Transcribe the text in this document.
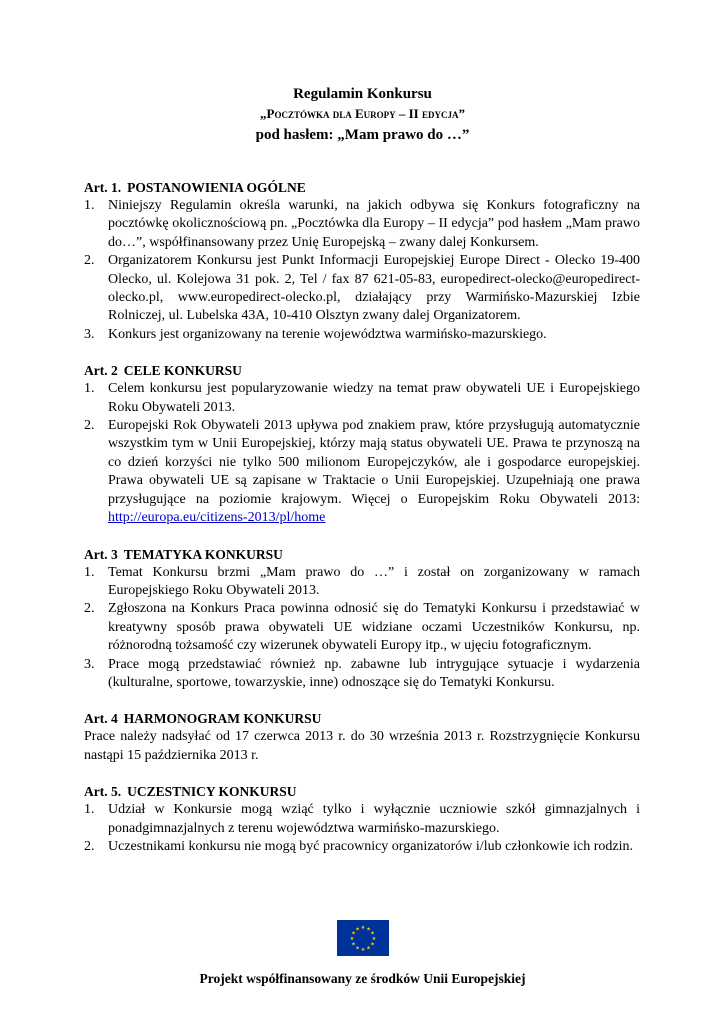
Regulamin Konkursu
„Pocztówka dla Europy – II edycja”
pod hasłem: „Mam prawo do …”
Art. 1. POSTANOWIENIA OGÓLNE
1. Niniejszy Regulamin określa warunki, na jakich odbywa się Konkurs fotograficzny na pocztówkę okolicznościową pn. „Pocztówka dla Europy – II edycja” pod hasłem „Mam prawo do…”, współfinansowany przez Unię Europejską – zwany dalej Konkursem.
2. Organizatorem Konkursu jest Punkt Informacji Europejskiej Europe Direct - Olecko 19-400 Olecko, ul. Kolejowa 31 pok. 2, Tel / fax 87 621-05-83, europedirect-olecko@europedirect-olecko.pl, www.europedirect-olecko.pl, działający przy Warmińsko-Mazurskiej Izbie Rolniczej, ul. Lubelska 43A, 10-410 Olsztyn zwany dalej Organizatorem.
3. Konkurs jest organizowany na terenie województwa warmińsko-mazurskiego.
Art. 2 CELE KONKURSU
1. Celem konkursu jest popularyzowanie wiedzy na temat praw obywateli UE i Europejskiego Roku Obywateli 2013.
2. Europejski Rok Obywateli 2013 upływa pod znakiem praw, które przysługują automatycznie wszystkim tym w Unii Europejskiej, którzy mają status obywateli UE. Prawa te przynoszą na co dzień korzyści nie tylko 500 milionom Europejczyków, ale i gospodarce europejskiej. Prawa obywateli UE są zapisane w Traktacie o Unii Europejskiej. Uzupełniają one prawa przysługujące na poziomie krajowym. Więcej o Europejskim Roku Obywateli 2013: http://europa.eu/citizens-2013/pl/home
Art. 3 TEMATYKA KONKURSU
1. Temat Konkursu brzmi „Mam prawo do …” i został on zorganizowany w ramach Europejskiego Roku Obywateli 2013.
2. Zgłoszona na Konkurs Praca powinna odnosić się do Tematyki Konkursu i przedstawiać w kreatywny sposób prawa obywateli UE widziane oczami Uczestników Konkursu, np. różnorodną tożsamość czy wizerunek obywateli Europy itp., w ujęciu fotograficznym.
3. Prace mogą przedstawiać również np. zabawne lub intrygujące sytuacje i wydarzenia (kulturalne, sportowe, towarzyskie, inne) odnoszące się do Tematyki Konkursu.
Art. 4 HARMONOGRAM KONKURSU
Prace należy nadsyłać od 17 czerwca 2013 r. do 30 września 2013 r. Rozstrzygnięcie Konkursu nastąpi 15 października 2013 r.
Art. 5. UCZESTNICY KONKURSU
1. Udział w Konkursie mogą wziąć tylko i wyłącznie uczniowie szkół gimnazjalnych i ponadgimnazjalnych z terenu województwa warmińsko-mazurskiego.
2. Uczestnikami konkursu nie mogą być pracownicy organizatorów i/lub członkowie ich rodzin.
★ ★
★
★
★
★
★
★
★
★
★
★
Projekt współfinansowany ze środków Unii Europejskiej
